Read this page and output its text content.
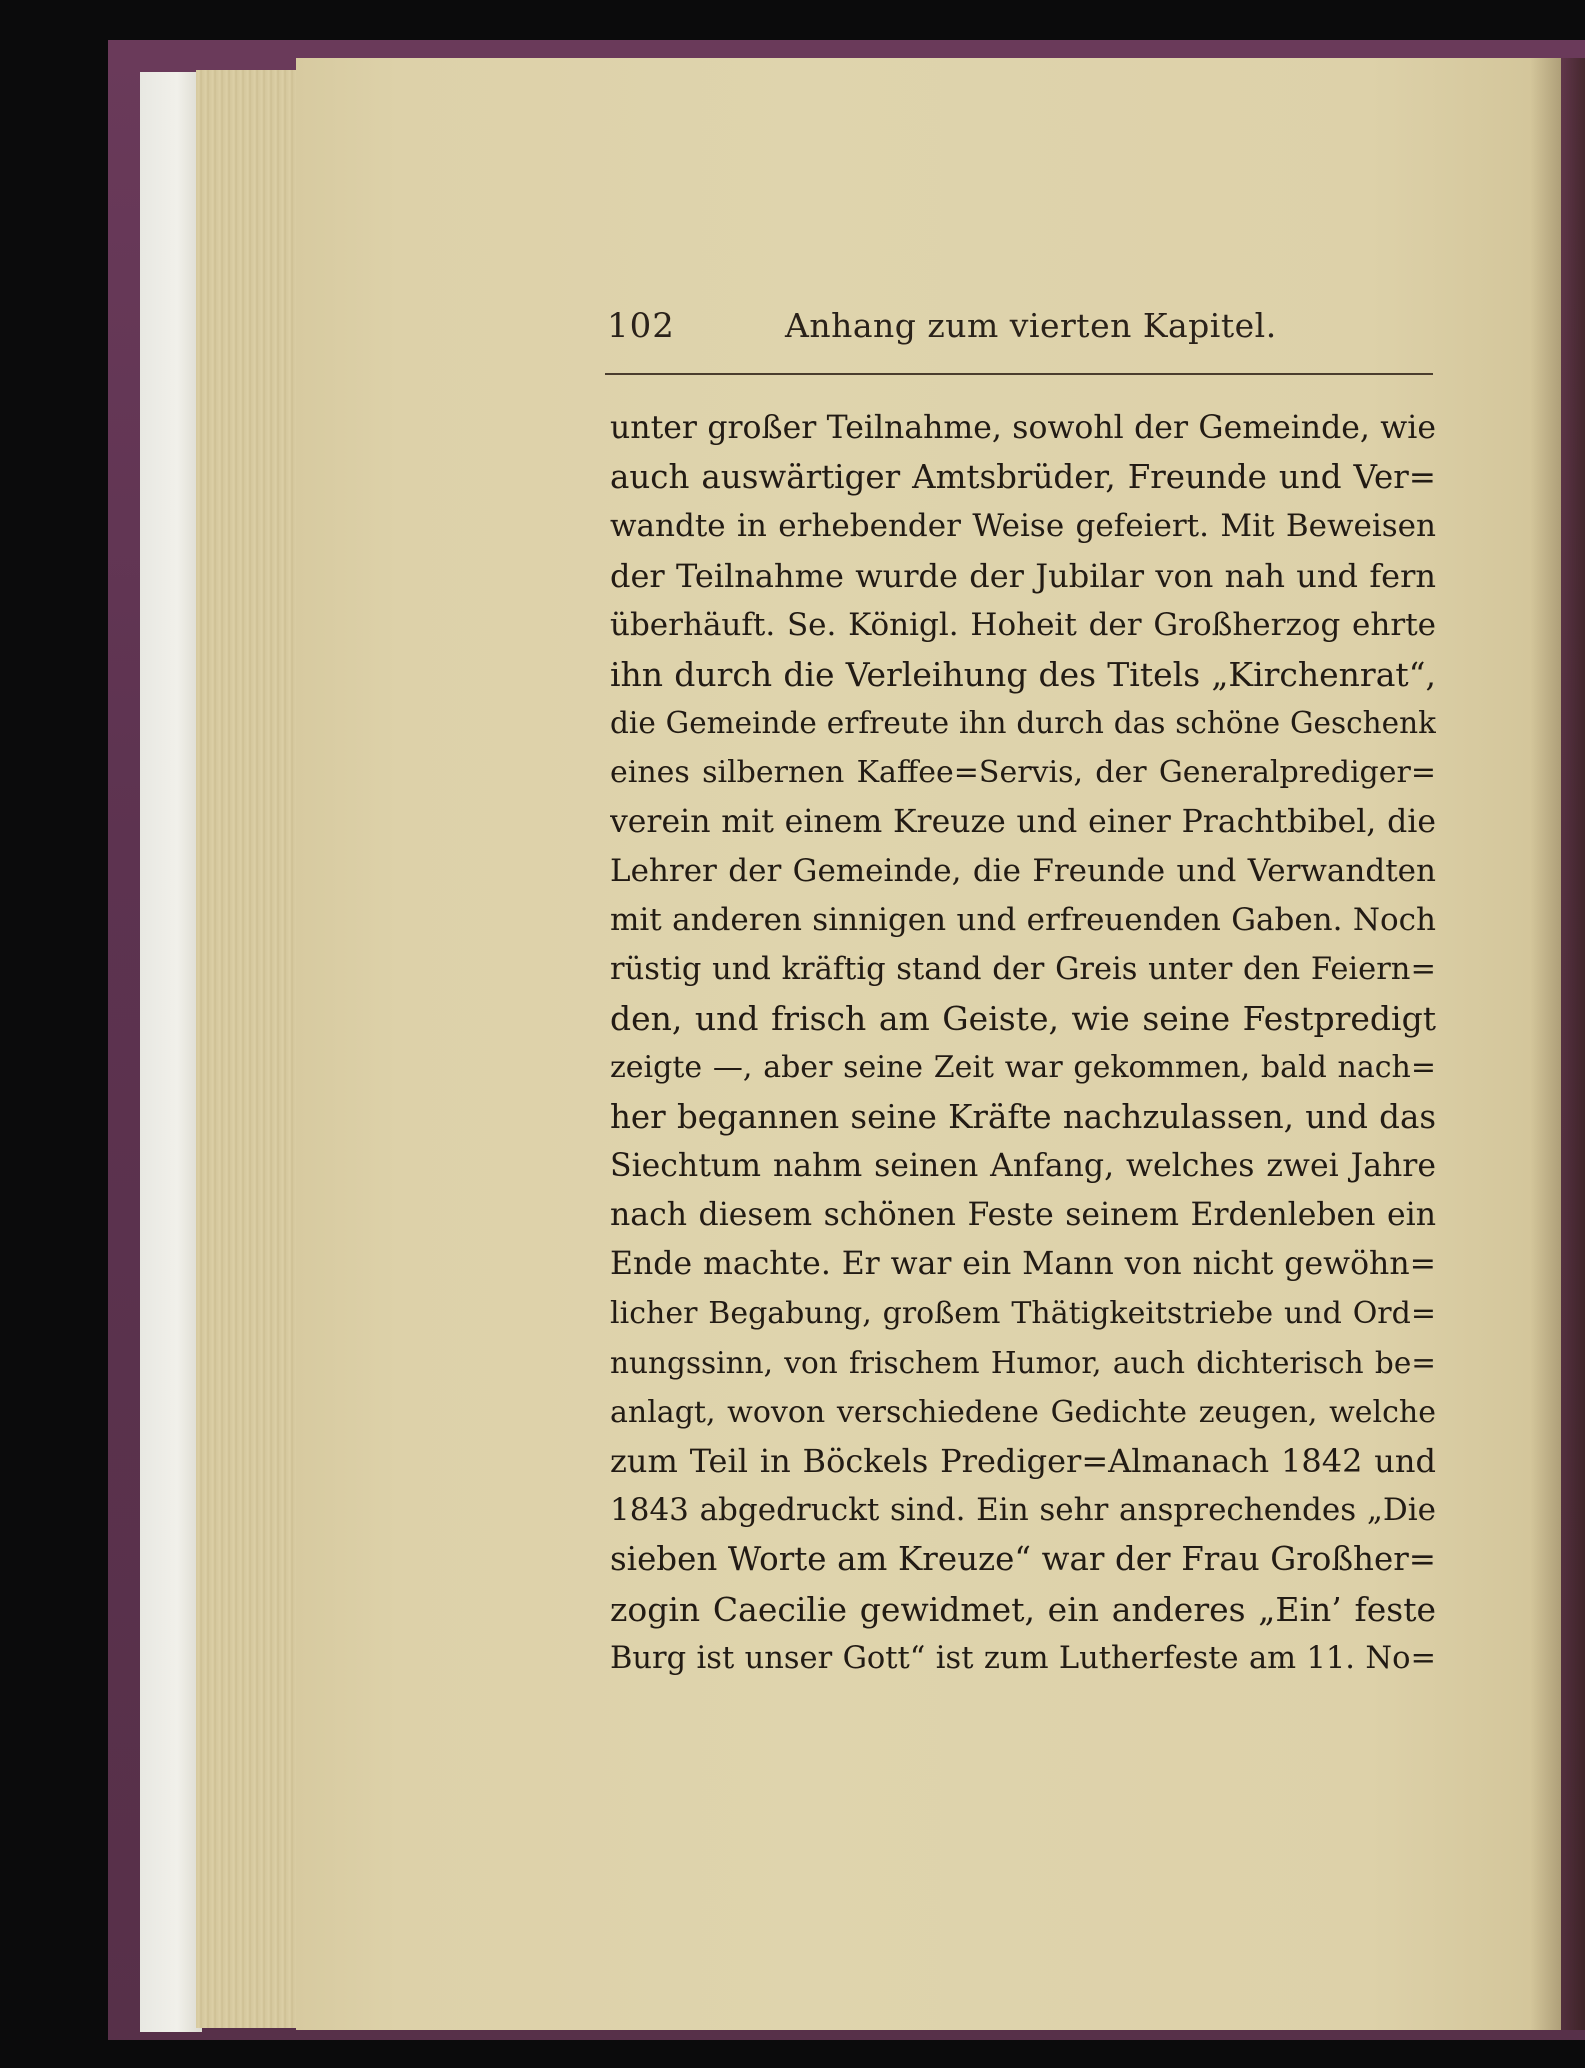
102	Anhang zum vierten Kapitel.
unter großer Teilnahme, sowohl der Gemeinde, wie
auch auswärtiger Amtsbrüder, Freunde und Ver=
wandte in erhebender Weise gefeiert. Mit Beweisen
der Teilnahme wurde der Jubilar von nah und fern
überhäuft. Se. Königl. Hoheit der Großherzog ehrte
ihn durch die Verleihung des Titels „Kirchenrat“,
die Gemeinde erfreute ihn durch das schöne Geschenk
eines silbernen Kaffee=Servis, der Generalprediger=
verein mit einem Kreuze und einer Prachtbibel, die
Lehrer der Gemeinde, die Freunde und Verwandten
mit anderen sinnigen und erfreuenden Gaben. Noch
rüstig und kräftig stand der Greis unter den Feiern=
den, und frisch am Geiste, wie seine Festpredigt
zeigte —, aber seine Zeit war gekommen, bald nach=
her begannen seine Kräfte nachzulassen, und das
Siechtum nahm seinen Anfang, welches zwei Jahre
nach diesem schönen Feste seinem Erdenleben ein
Ende machte. Er war ein Mann von nicht gewöhn=
licher Begabung, großem Thätigkeitstriebe und Ord=
nungssinn, von frischem Humor, auch dichterisch be=
anlagt, wovon verschiedene Gedichte zeugen, welche
zum Teil in Böckels Prediger=Almanach 1842 und
1843 abgedruckt sind. Ein sehr ansprechendes „Die
sieben Worte am Kreuze“ war der Frau Großher=
zogin Caecilie gewidmet, ein anderes „Ein’ feste
Burg ist unser Gott“ ist zum Lutherfeste am 11. No=
